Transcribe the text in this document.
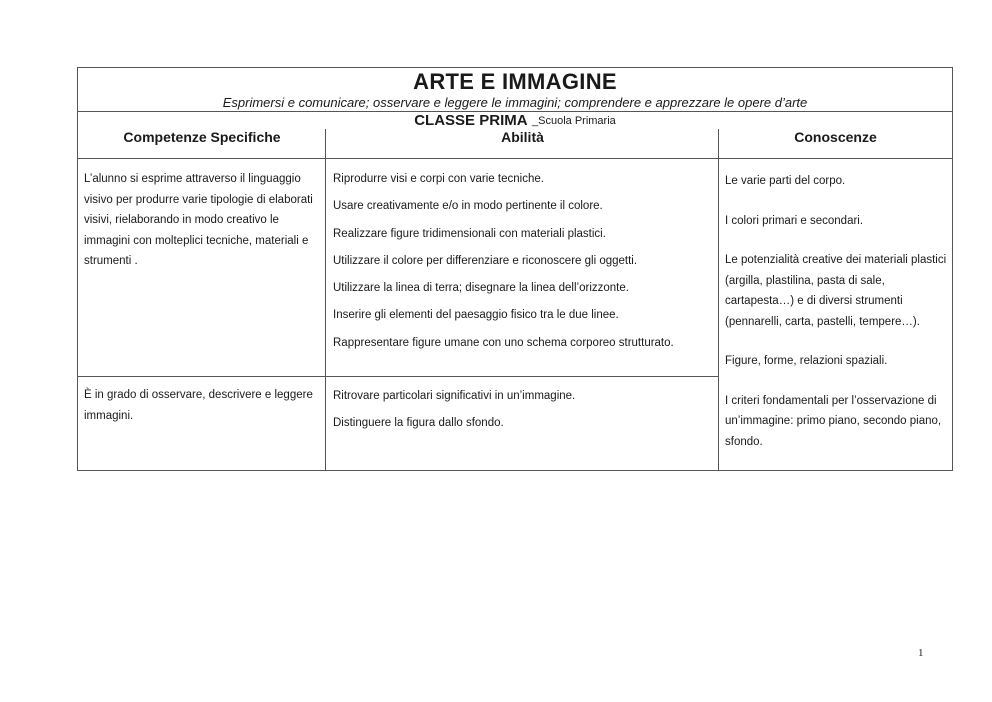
ARTE E IMMAGINE
Esprimersi e comunicare; osservare e leggere le immagini; comprendere e apprezzare le opere d’arte
CLASSE PRIMA _Scuola Primaria
Competenze Specifiche	Abilità	Conoscenze

L’alunno si esprime attraverso il linguaggio visivo per produrre varie tipologie di elaborati visivi, rielaborando in modo creativo le immagini con molteplici tecniche, materiali e strumenti .

Riprodurre visi e corpi con varie tecniche.
Usare creativamente e/o in modo pertinente il colore.
Realizzare figure tridimensionali con materiali plastici.
Utilizzare il colore per differenziare e riconoscere gli oggetti.
Utilizzare la linea di terra; disegnare la linea dell’orizzonte.
Inserire gli elementi del paesaggio fisico tra le due linee.
Rappresentare figure umane con uno schema corporeo strutturato.

È in grado di osservare, descrivere e leggere immagini.

Ritrovare particolari significativi in un’immagine.
Distinguere la figura dallo sfondo.
Le varie parti del corpo.
I colori primari e secondari.
Le potenzialità creative dei materiali plastici (argilla, plastilina, pasta di sale, cartapesta…) e di diversi strumenti (pennarelli, carta, pastelli, tempere…).
Figure, forme, relazioni spaziali.
I criteri fondamentali per l’osservazione di un’immagine: primo piano, secondo piano, sfondo.
1
